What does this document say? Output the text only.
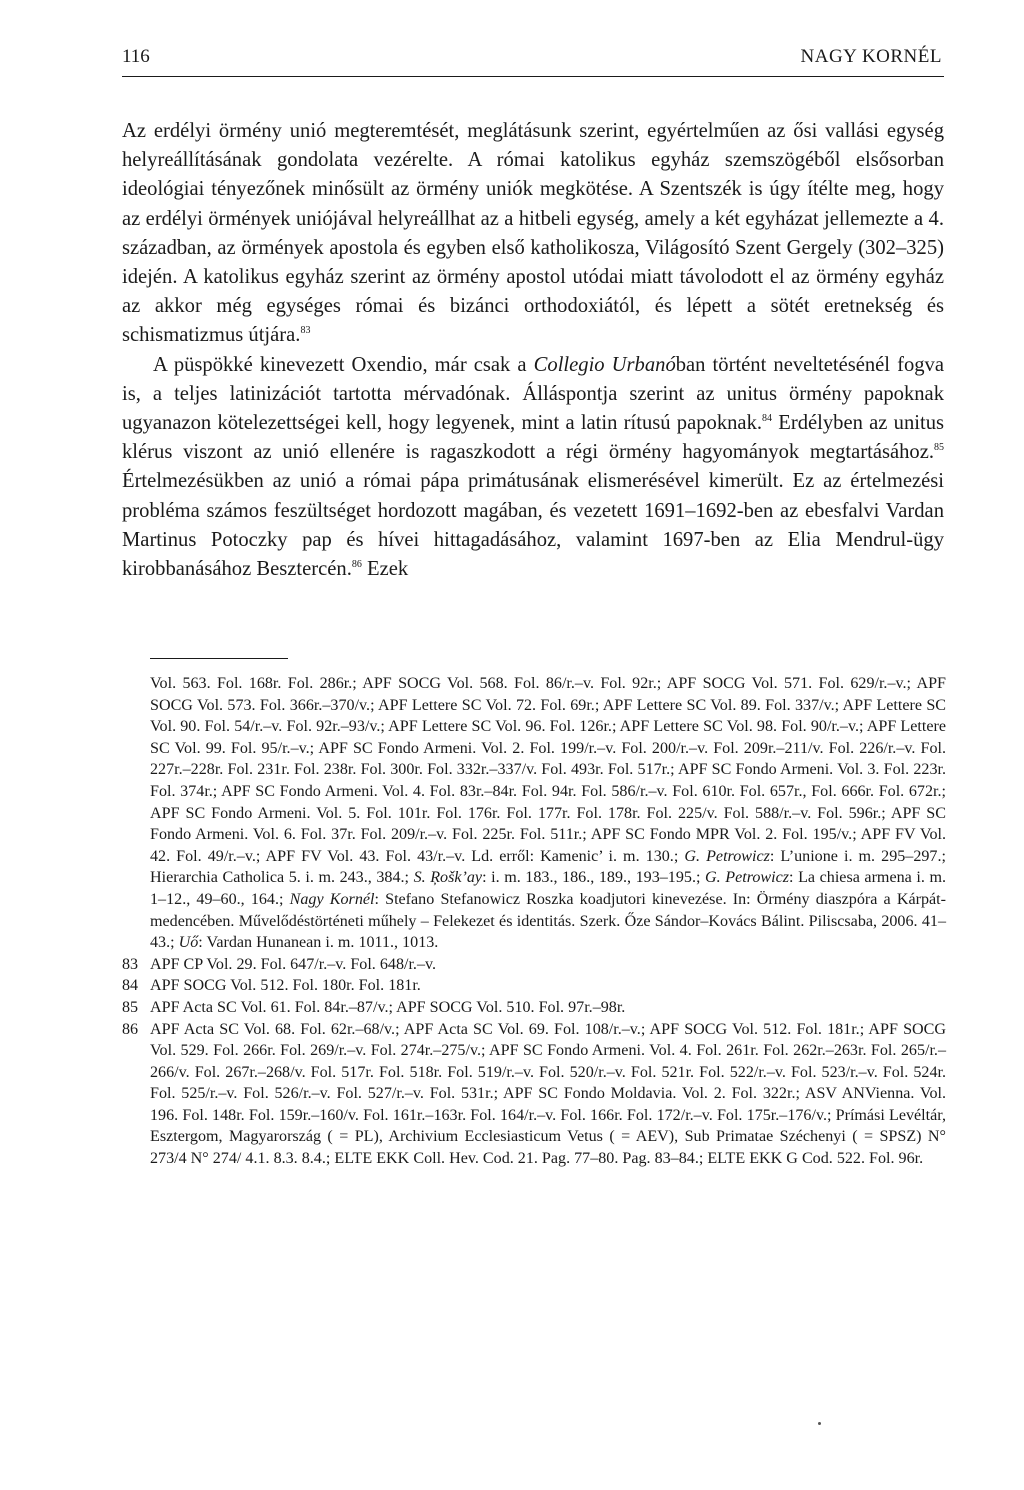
116	NAGY KORNÉL

Az erdélyi örmény unió megteremtését, meglátásunk szerint, egyértelműen az ősi vallási egység helyreállításának gondolata vezérelte. A római katolikus egyház szemszögéből elsősorban ideológiai tényezőnek minősült az örmény uniók megkötése. A Szentszék is úgy ítélte meg, hogy az erdélyi örmények uniójával helyreállhat az a hitbeli egység, amely a két egyházat jellemezte a 4. században, az örmények apostola és egyben első katholikosza, Világosító Szent Gergely (302–325) idején. A katolikus egyház szerint az örmény apostol utódai miatt távolodott el az örmény egyház az akkor még egységes római és bizánci orthodoxiától, és lépett a sötét eretnekség és schismatizmus útjára.$^{83}$

A püspökké kinevezett Oxendio, már csak a Collegio Urbanóban történt neveltetésénél fogva is, a teljes latinizációt tartotta mérvadónak. Álláspontja szerint az unitus örmény papoknak ugyanazon kötelezettségei kell, hogy legyenek, mint a latin rítusú papoknak.$^{84}$ Erdélyben az unitus klérus viszont az unió ellenére is ragaszkodott a régi örmény hagyományok megtartásához.$^{85}$ Értelmezésükben az unió a római pápa primátusának elismerésével kimerült. Ez az értelmezési probléma számos feszültséget hordozott magában, és vezetett 1691–1692-ben az ebesfalvi Vardan Martinus Potoczky pap és hívei hittagadásához, valamint 1697-ben az Elia Mendrul-ügy kirobbanásához Besztercén.$^{86}$ Ezek

Vol. 563. Fol. 168r. Fol. 286r.; APF SOCG Vol. 568. Fol. 86/r.–v. Fol. 92r.; APF SOCG Vol. 571. Fol. 629/r.–v.; APF SOCG Vol. 573. Fol. 366r.–370/v.; APF Lettere SC Vol. 72. Fol. 69r.; APF Lettere SC Vol. 89. Fol. 337/v.; APF Lettere SC Vol. 90. Fol. 54/r.–v. Fol. 92r.–93/v.; APF Lettere SC Vol. 96. Fol. 126r.; APF Lettere SC Vol. 98. Fol. 90/r.–v.; APF Lettere SC Vol. 99. Fol. 95/r.–v.; APF SC Fondo Armeni. Vol. 2. Fol. 199/r.–v. Fol. 200/r.–v. Fol. 209r.–211/v. Fol. 226/r.–v. Fol. 227r.–228r. Fol. 231r. Fol. 238r. Fol. 300r. Fol. 332r.–337/v. Fol. 493r. Fol. 517r.; APF SC Fondo Armeni. Vol. 3. Fol. 223r. Fol. 374r.; APF SC Fondo Armeni. Vol. 4. Fol. 83r.–84r. Fol. 94r. Fol. 586/r.–v. Fol. 610r. Fol. 657r., Fol. 666r. Fol. 672r.; APF SC Fondo Armeni. Vol. 5. Fol. 101r. Fol. 176r. Fol. 177r. Fol. 178r. Fol. 225/v. Fol. 588/r.–v. Fol. 596r.; APF SC Fondo Armeni. Vol. 6. Fol. 37r. Fol. 209/r.–v. Fol. 225r. Fol. 511r.; APF SC Fondo MPR Vol. 2. Fol. 195/v.; APF FV Vol. 42. Fol. 49/r.–v.; APF FV Vol. 43. Fol. 43/r.–v. Ld. erről: Kamenic’ i. m. 130.; G. Petrowicz: L’unione i. m. 295–297.; Hierarchia Catholica 5. i. m. 243., 384.; S. Ŗošk’ay: i. m. 183., 186., 189., 193–195.; G. Petrowicz: La chiesa armena i. m. 1–12., 49–60., 164.; Nagy Kornél: Stefano Stefanowicz Roszka koadjutori kinevezése. In: Örmény diaszpóra a Kárpát-medencében. Művelődéstörténeti műhely – Felekezet és identitás. Szerk. Őze Sándor–Kovács Bálint. Piliscsaba, 2006. 41–43.; Uő: Vardan Hunanean i. m. 1011., 1013.

83 APF CP Vol. 29. Fol. 647/r.–v. Fol. 648/r.–v.
84 APF SOCG Vol. 512. Fol. 180r. Fol. 181r.
85 APF Acta SC Vol. 61. Fol. 84r.–87/v.; APF SOCG Vol. 510. Fol. 97r.–98r.
86 APF Acta SC Vol. 68. Fol. 62r.–68/v.; APF Acta SC Vol. 69. Fol. 108/r.–v.; APF SOCG Vol. 512. Fol. 181r.; APF SOCG Vol. 529. Fol. 266r. Fol. 269/r.–v. Fol. 274r.–275/v.; APF SC Fondo Armeni. Vol. 4. Fol. 261r. Fol. 262r.–263r. Fol. 265/r.–266/v. Fol. 267r.–268/v. Fol. 517r. Fol. 518r. Fol. 519/r.–v. Fol. 520/r.–v. Fol. 521r. Fol. 522/r.–v. Fol. 523/r.–v. Fol. 524r. Fol. 525/r.–v. Fol. 526/r.–v. Fol. 527/r.–v. Fol. 531r.; APF SC Fondo Moldavia. Vol. 2. Fol. 322r.; ASV ANVienna. Vol. 196. Fol. 148r. Fol. 159r.–160/v. Fol. 161r.–163r. Fol. 164/r.–v. Fol. 166r. Fol. 172/r.–v. Fol. 175r.–176/v.; Prímási Levéltár, Esztergom, Magyarország ( = PL), Archivium Ecclesiasticum Vetus ( = AEV), Sub Primatae Széchenyi ( = SPSZ) N° 273/4 N° 274/ 4.1. 8.3. 8.4.; ELTE EKK Coll. Hev. Cod. 21. Pag. 77–80. Pag. 83–84.; ELTE EKK G Cod. 522. Fol. 96r.
